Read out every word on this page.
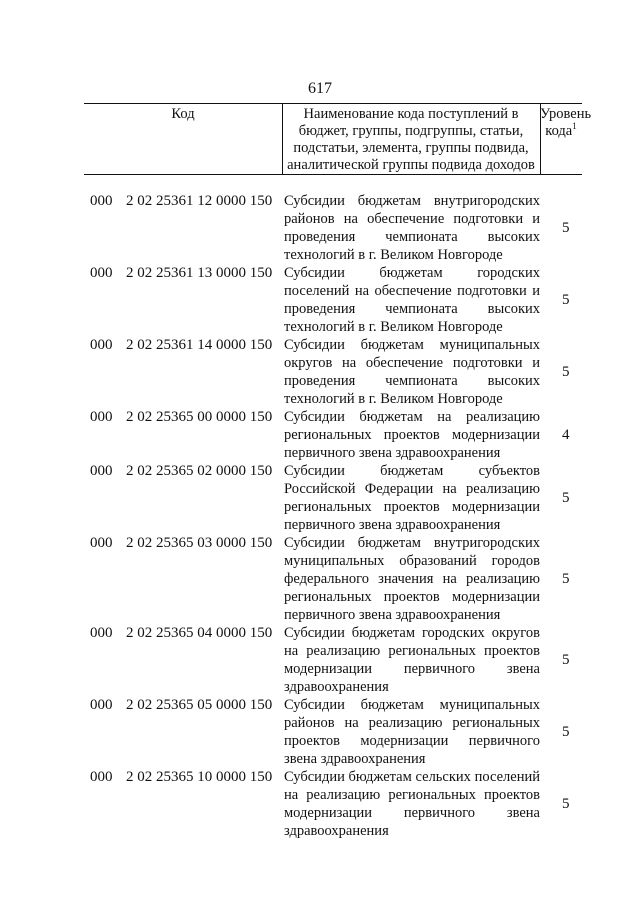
617
Код	Наименование кода поступлений в бюджет, группы, подгруппы, статьи, подстатьи, элемента, группы подвида, аналитической группы подвида доходов
Уровень
кода$^1$
000 2 02 25361 12 0000 150 Субсидии бюджетам внутригородских районов на обеспечение подготовки и проведения чемпионата высоких технологий в г. Великом Новгороде
5
000 2 02 25361 13 0000 150 Субсидии бюджетам городских поселений на обеспечение подготовки и проведения чемпионата высоких технологий в г. Великом Новгороде
5
000 2 02 25361 14 0000 150 Субсидии бюджетам муниципальных округов на обеспечение подготовки и проведения чемпионата высоких технологий в г. Великом Новгороде
5
000 2 02 25365 00 0000 150 Субсидии бюджетам на реализацию региональных проектов модернизации первичного звена здравоохранения
4
000 2 02 25365 02 0000 150 Субсидии бюджетам субъектов Российской Федерации на реализацию региональных проектов модернизации первичного звена здравоохранения
5
000 2 02 25365 03 0000 150 Субсидии бюджетам внутригородских муниципальных образований городов федерального значения на реализацию региональных проектов модернизации первичного звена здравоохранения
5
000 2 02 25365 04 0000 150 Субсидии бюджетам городских округов на реализацию региональных проектов модернизации первичного звена здравоохранения
5
000 2 02 25365 05 0000 150 Субсидии бюджетам муниципальных районов на реализацию региональных проектов модернизации первичного звена здравоохранения
5
000 2 02 25365 10 0000 150 Субсидии бюджетам сельских поселений на реализацию региональных проектов модернизации первичного звена здравоохранения
5
